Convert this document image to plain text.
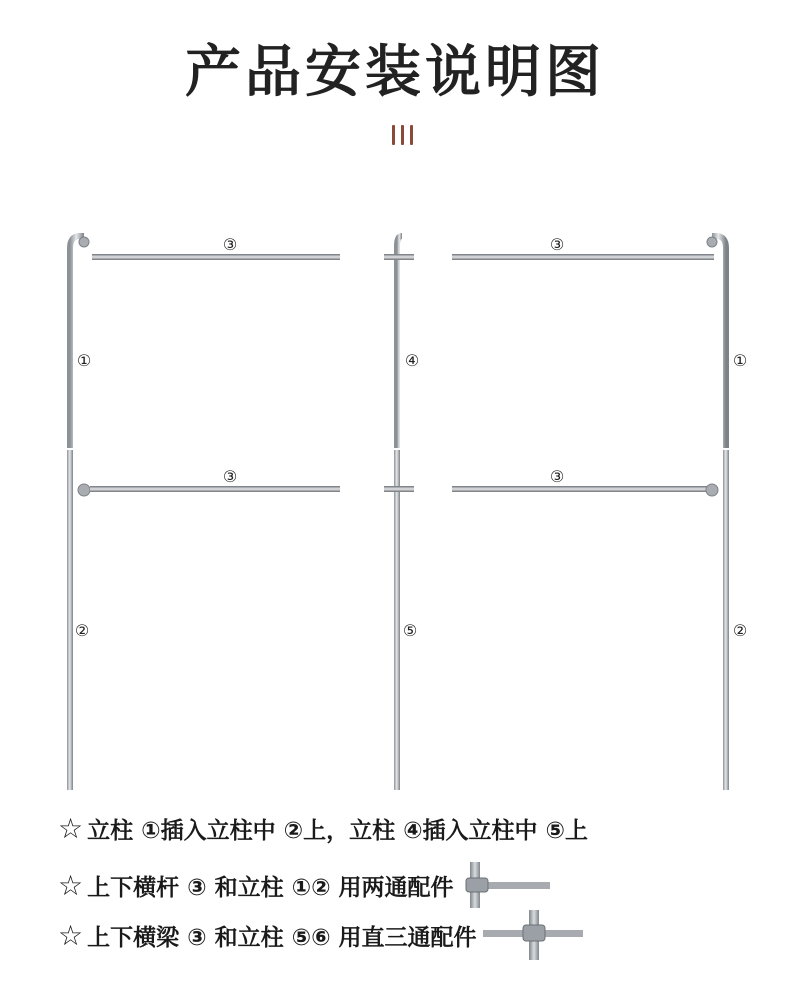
产品安装说明图
③	③
③	③
①	④	①
②	⑤	②
☆ 立柱 ①插入立柱中 ②上，立柱 ④插入立柱中 ⑤上
☆ 上下横杆 ③ 和立柱 ①② 用两通配件
☆ 上下横梁 ③ 和立柱 ⑤⑥ 用直三通配件
